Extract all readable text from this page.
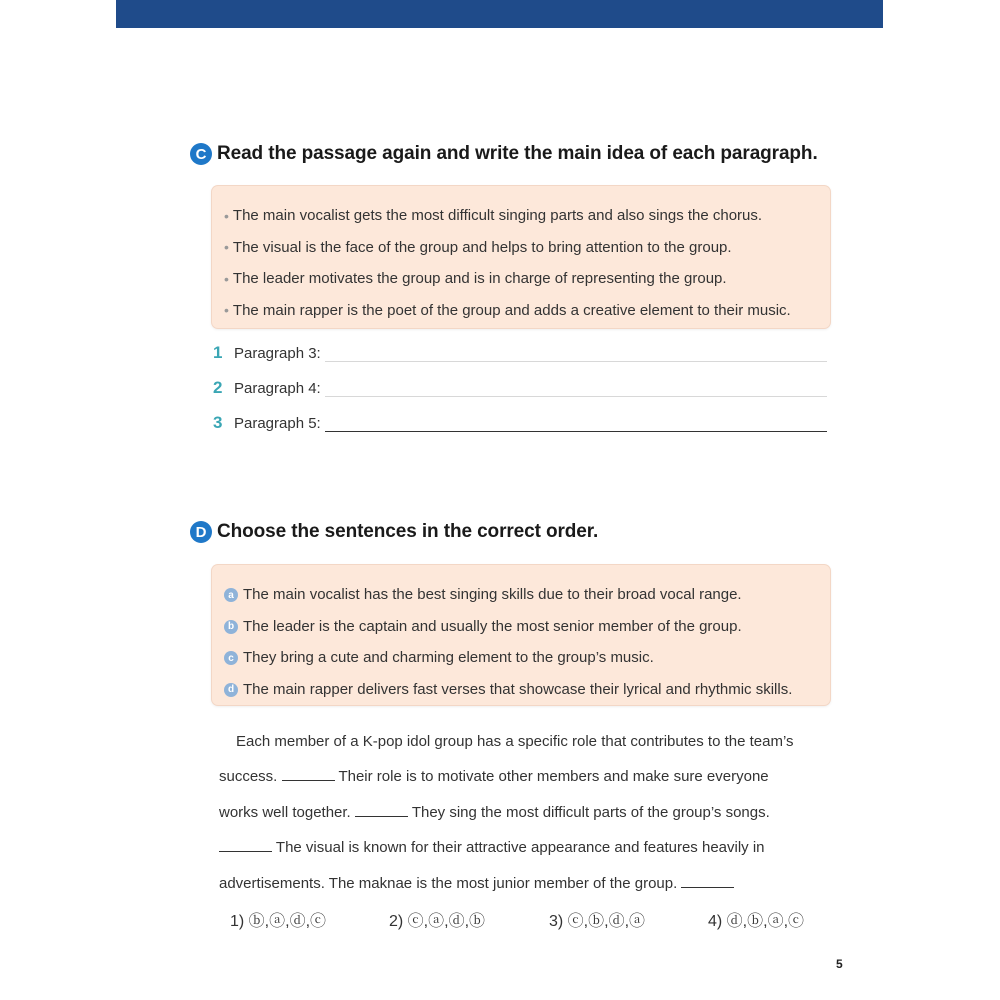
C Read the passage again and write the main idea of each paragraph.
• The main vocalist gets the most difficult singing parts and also sings the chorus.
• The visual is the face of the group and helps to bring attention to the group.
• The leader motivates the group and is in charge of representing the group.
• The main rapper is the poet of the group and adds a creative element to their music.
1 Paragraph 3:
2 Paragraph 4:
3 Paragraph 5:
D Choose the sentences in the correct order.
a The main vocalist has the best singing skills due to their broad vocal range.
b The leader is the captain and usually the most senior member of the group.
c They bring a cute and charming element to the group’s music.
d The main rapper delivers fast verses that showcase their lyrical and rhythmic skills.
Each member of a K-pop idol group has a specific role that contributes to the team’s
success.	Their role is to motivate other members and make sure everyone
works well together.	They sing the most difficult parts of the group’s songs.
The visual is known for their attractive appearance and features heavily in
advertisements. The maknae is the most junior member of the group.
1) ⓑ,ⓐ,ⓓ,ⓒ	2) ⓒ,ⓐ,ⓓ,ⓑ	3) ⓒ,ⓑ,ⓓ,ⓐ	4) ⓓ,ⓑ,ⓐ,ⓒ
5
